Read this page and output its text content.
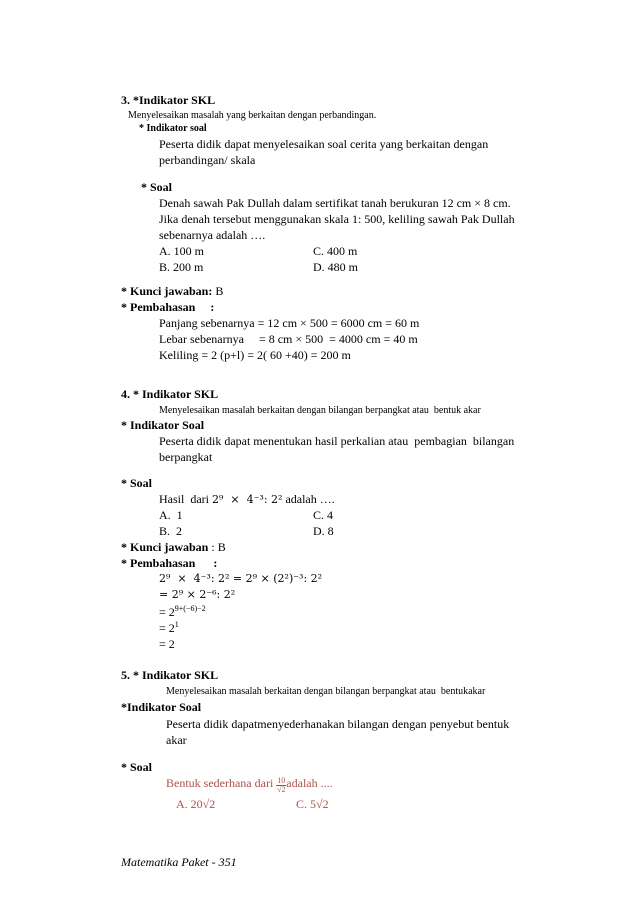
3. *Indikator SKL
Menyelesaikan masalah yang berkaitan dengan perbandingan.
* Indikator soal
Peserta didik dapat menyelesaikan soal cerita yang berkaitan dengan
perbandingan/ skala
* Soal
Denah sawah Pak Dullah dalam sertifikat tanah berukuran 12 cm × 8 cm.
Jika denah tersebut menggunakan skala 1: 500, keliling sawah Pak Dullah
sebenarnya adalah ….
A. 100 m	C. 400 m
B. 200 m	D. 480 m
* Kunci jawaban: B
* Pembahasan     :
Panjang sebenarnya = 12 cm × 500 = 6000 cm = 60 m
Lebar sebenarnya     = 8 cm × 500  = 4000 cm = 40 m
Keliling = 2 (p+l) = 2( 60 +40) = 200 m
4. * Indikator SKL
Menyelesaikan masalah berkaitan dengan bilangan berpangkat atau  bentuk akar
* Indikator Soal
Peserta didik dapat menentukan hasil perkalian atau  pembagian  bilangan
berpangkat
* Soal
Hasil  dari 2⁹  ×  4⁻³: 2² adalah ….
A.  1	C. 4
B.  2	D. 8
* Kunci jawaban : B
* Pembahasan      :
2⁹  ×  4⁻³: 2² = 2⁹ × (2²)⁻³: 2²
= 2⁹ × 2⁻⁶: 2²
= $2^{9+(-6)-2}$
= $2^1$
= 2
5. * Indikator SKL
Menyelesaikan masalah berkaitan dengan bilangan berpangkat atau  bentukakar
*Indikator Soal
Peserta didik dapatmenyederhanakan bilangan dengan penyebut bentuk
akar
* Soal
Bentuk sederhana dari $\frac{10}{√2}$ adalah ....
A. 20√2	C. 5√2
Matematika Paket - 351
